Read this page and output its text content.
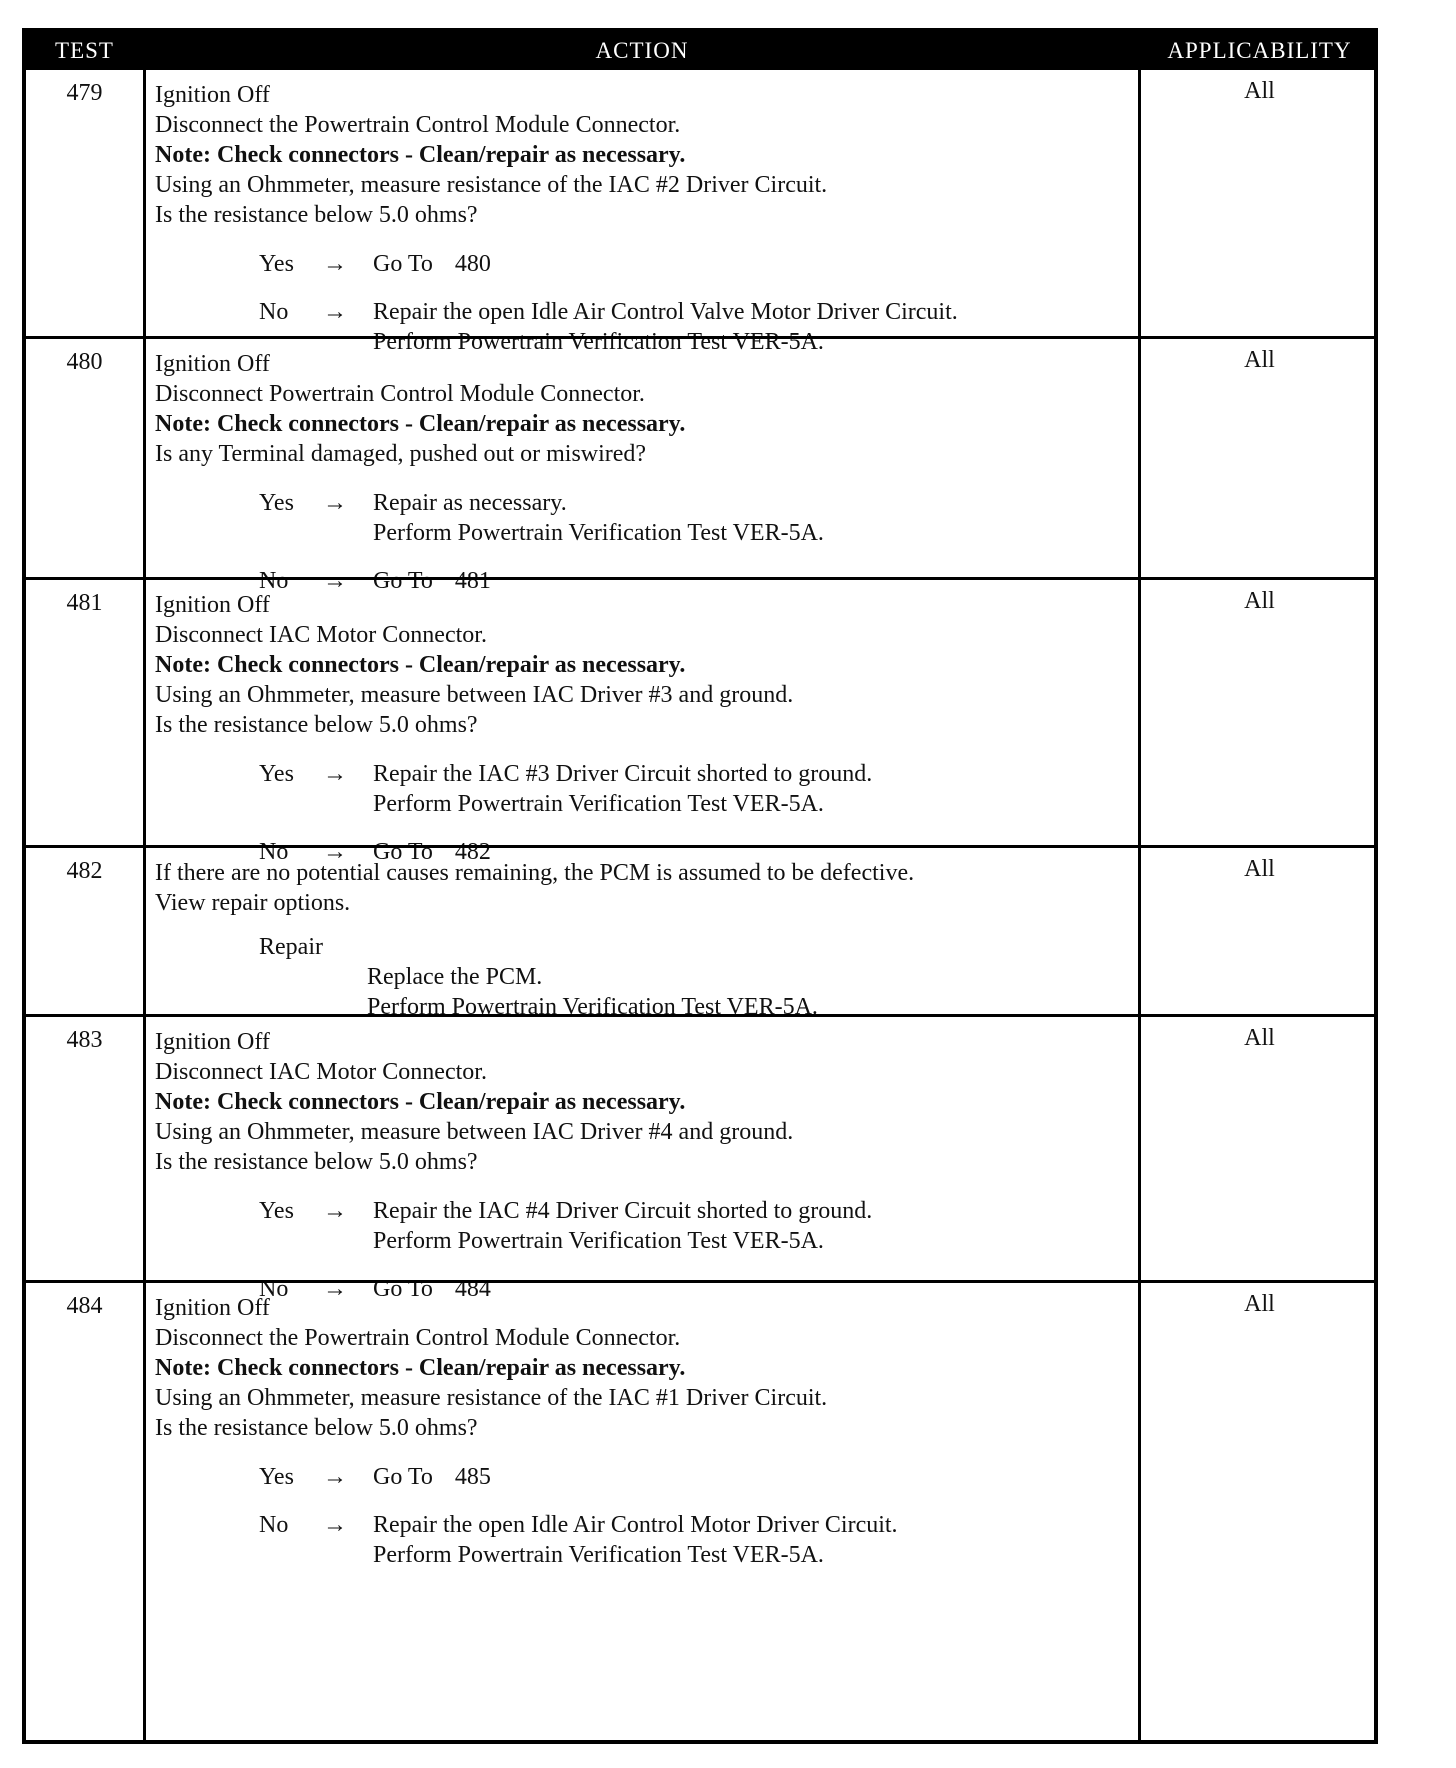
TEST	ACTION	APPLICABILITY
479	Ignition Off
Disconnect the Powertrain Control Module Connector.
Note: Check connectors - Clean/repair as necessary.
Using an Ohmmeter, measure resistance of the IAC #2 Driver Circuit.
Is the resistance below 5.0 ohms?
Yes → Go To 480
No → Repair the open Idle Air Control Valve Motor Driver Circuit.
Perform Powertrain Verification Test VER-5A.
All
480	Ignition Off
Disconnect Powertrain Control Module Connector.
Note: Check connectors - Clean/repair as necessary.
Is any Terminal damaged, pushed out or miswired?
Yes → Repair as necessary.
Perform Powertrain Verification Test VER-5A.
No → Go To 481
All
481	Ignition Off
Disconnect IAC Motor Connector.
Note: Check connectors - Clean/repair as necessary.
Using an Ohmmeter, measure between IAC Driver #3 and ground.
Is the resistance below 5.0 ohms?
Yes → Repair the IAC #3 Driver Circuit shorted to ground.
Perform Powertrain Verification Test VER-5A.
No → Go To 482
All
482	If there are no potential causes remaining, the PCM is assumed to be defective.
View repair options.
Repair
Replace the PCM.
Perform Powertrain Verification Test VER-5A.
All
483	Ignition Off
Disconnect IAC Motor Connector.
Note: Check connectors - Clean/repair as necessary.
Using an Ohmmeter, measure between IAC Driver #4 and ground.
Is the resistance below 5.0 ohms?
Yes → Repair the IAC #4 Driver Circuit shorted to ground.
Perform Powertrain Verification Test VER-5A.
No → Go To 484
All
484	Ignition Off
Disconnect the Powertrain Control Module Connector.
Note: Check connectors - Clean/repair as necessary.
Using an Ohmmeter, measure resistance of the IAC #1 Driver Circuit.
Is the resistance below 5.0 ohms?
Yes → Go To 485
No → Repair the open Idle Air Control Motor Driver Circuit.
Perform Powertrain Verification Test VER-5A.
All
